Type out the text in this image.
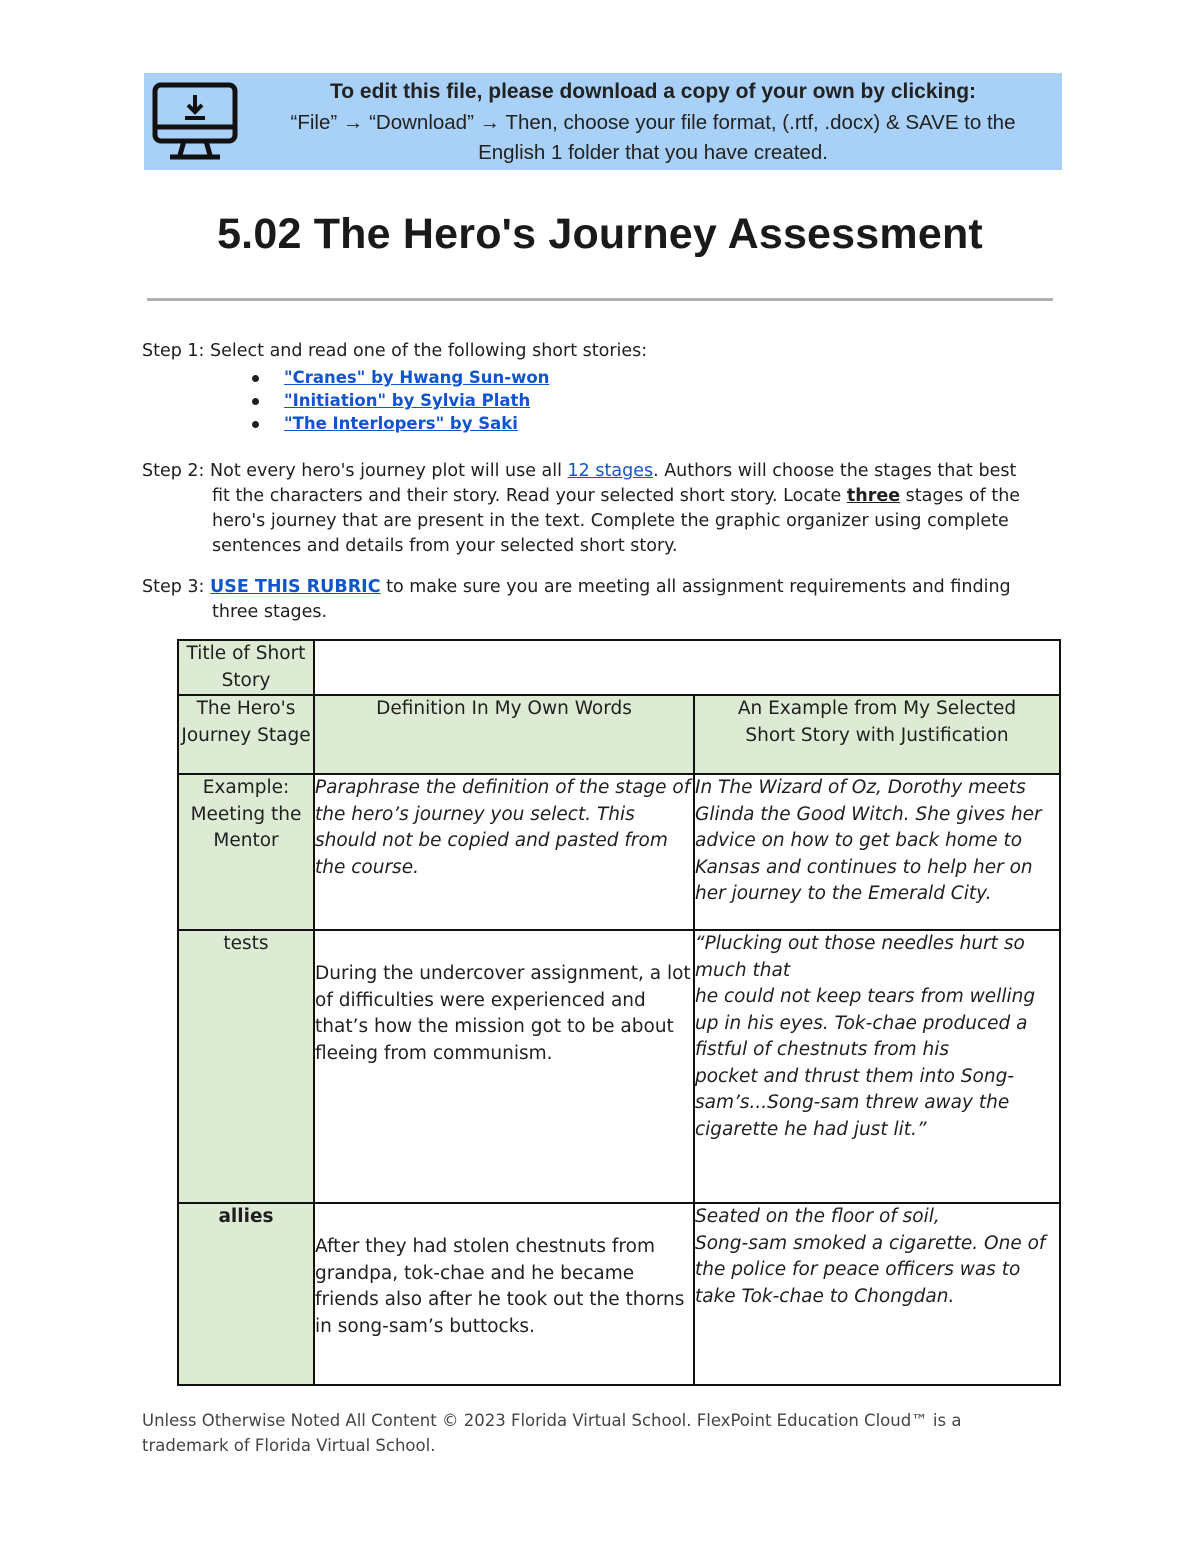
To edit this file, please download a copy of your own by clicking:
“File” → “Download” → Then, choose your file format, (.rtf, .docx) & SAVE to the
English 1 folder that you have created.
5.02 The Hero's Journey Assessment
Step 1: Select and read one of the following short stories:
"Cranes" by Hwang Sun-won
"Initiation" by Sylvia Plath
"The Interlopers" by Saki
Step 2: Not every hero's journey plot will use all 12 stages. Authors will choose the stages that best
fit the characters and their story. Read your selected short story. Locate three stages of the
hero's journey that are present in the text. Complete the graphic organizer using complete
sentences and details from your selected short story.
Step 3: USE THIS RUBRIC to make sure you are meeting all assignment requirements and finding
three stages.
Title of Short Story		
The Hero's Journey Stage	Definition In My Own Words	An Example from My Selected Short Story with Justification
Example: Meeting the Mentor	Paraphrase the definition of the stage of the hero’s journey you select. This should not be copied and pasted from the course.	In The Wizard of Oz, Dorothy meets Glinda the Good Witch. She gives her advice on how to get back home to Kansas and continues to help her on her journey to the Emerald City.
tests	During the undercover assignment, a lot of difficulties were experienced and that’s how the mission got to be about fleeing from communism.	“Plucking out those needles hurt so much that
he could not keep tears from welling up in his eyes. Tok-chae produced a fistful of chestnuts from his
pocket and thrust them into Song-sam’s...Song-sam threw away the cigarette he had just lit.”

allies	After they had stolen chestnuts from grandpa, tok-chae and he became friends also after he took out the thorns in song-sam’s buttocks.	Seated on the floor of soil,
Song-sam smoked a cigarette. One of the police for peace officers was to take Tok-chae to Chongdan.
Unless Otherwise Noted All Content © 2023 Florida Virtual School. FlexPoint Education Cloud™ is a trademark of Florida Virtual School.
